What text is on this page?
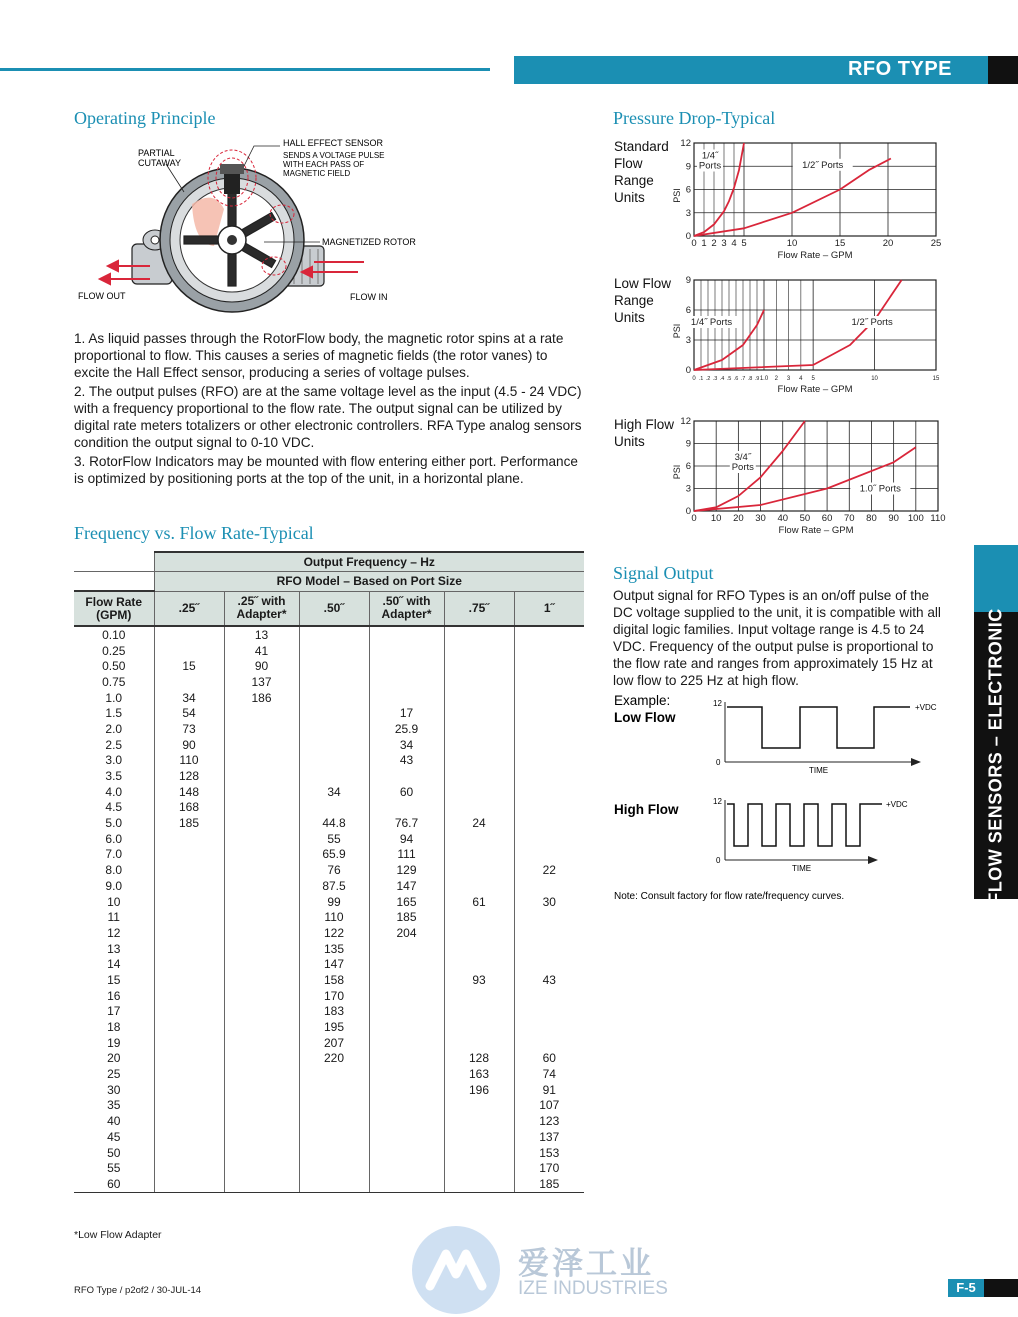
RFO TYPE
FLOW SENSORS – ELECTRONIC
Operating Principle
PARTIAL
CUTAWAY
HALL EFFECT SENSOR
SENDS A VOLTAGE PULSE
WITH EACH PASS OF
MAGNETIC FIELD
MAGNETIZED ROTOR
FLOW OUT	FLOW IN
1. As liquid passes through the RotorFlow body, the magnetic rotor spins at a rate proportional to flow. This causes a series of magnetic fields (the rotor vanes) to excite the Hall Effect sensor, producing a series of voltage pulses.
2. The output pulses (RFO) are at the same voltage level as the input (4.5 - 24 VDC) with a frequency proportional to the flow rate. The output signal can be utilized by digital rate meters totalizers or other electronic controllers. RFA Type analog sensors condition the output signal to 0-10 VDC.
3. RotorFlow Indicators may be mounted with flow entering either port. Performance is optimized by positioning ports at the top of the unit, in a horizontal plane.
Frequency vs. Flow Rate-Typical
	Output Frequency – Hz					
	RFO Model – Based on Port Size					
Flow Rate (GPM)	.25˝	.25˝ with Adapter*	.50˝	.50˝ with Adapter*	.75˝	1˝
0.10		13				
0.25		41				
0.50	15	90				
0.75		137				
1.0	34	186				
1.5	54			17		
2.0	73			25.9		
2.5	90			34		
3.0	110			43		
3.5	128					
4.0	148		34	60		
4.5	168					
5.0	185		44.8	76.7	24	
6.0			55	94		
7.0			65.9	111		
8.0			76	129		22
9.0			87.5	147		
10			99	165	61	30
11			110	185		
12			122	204		
13			135			
14			147			
15			158		93	43
16			170			
17			183			
18			195			
19			207			
20			220		128	60
25					163	74
30					196	91
35						107
40						123
45						137
50						153
55						170
60						185
*Low Flow Adapter
Pressure Drop-Typical
Standard
Flow
Range
Units
0
3
6
9
12
0 1 2 3 4 5	10	15	20	25
PSI
Flow Rate – GPM
1/4˝
Ports	1/2˝ Ports
Low Flow
Range
Units
0
3
6
9
0 .1 .2 .3 .4 .5 .6 .7 .8 .9 1.0 2 3 4 5	10	15
PSI
Flow Rate – GPM
1/4˝ Ports	1/2˝ Ports
High Flow
Units
0
3
6
9
12
0 10 20 30 40 50 60 70 80 90 100 110
PSI
Flow Rate – GPM
3/4˝
Ports
1.0˝ Ports
Signal Output
Output signal for RFO Types is an on/off pulse of the DC voltage supplied to the unit, it is compatible with all digital logic families. Input voltage range is 4.5 to 24 VDC. Frequency of the output pulse is proportional to the flow rate and ranges from approximately 15 Hz at low flow to 225 Hz at high flow.
Example:
Low Flow
High Flow
12
0
+VDC
TIME
12
0
+VDC
TIME
Note: Consult factory for flow rate/frequency curves.
RFO Type / p2of2 / 30-JUL-14
爱泽工业
IZE INDUSTRIES	F-5
